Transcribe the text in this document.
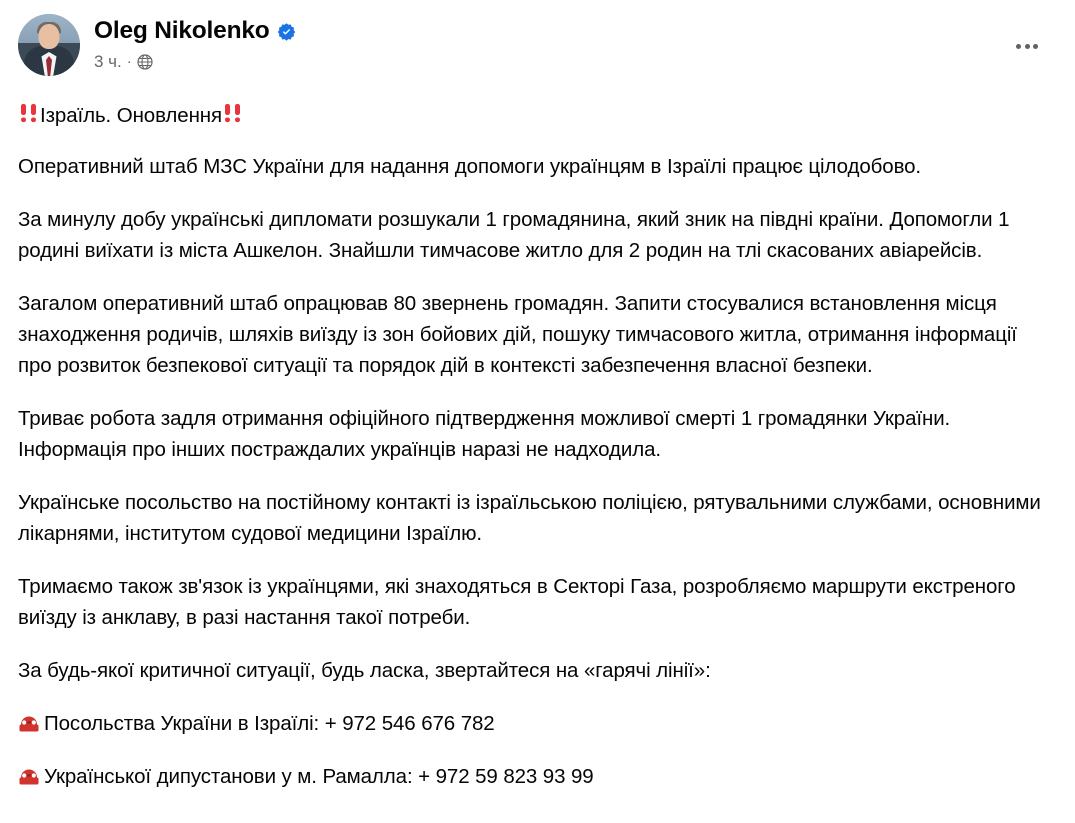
Oleg Nikolenko
3 ч. ·

Ізраїль. Оновлення

Оперативний штаб МЗС України для надання допомоги українцям в Ізраїлі працює цілодобово.

За минулу добу українські дипломати розшукали 1 громадянина, який зник на півдні країни. Допомогли 1 родині виїхати із міста Ашкелон. Знайшли тимчасове житло для 2 родин на тлі скасованих авіарейсів.

Загалом оперативний штаб опрацював 80 звернень громадян. Запити стосувалися встановлення місця знаходження родичів, шляхів виїзду із зон бойових дій, пошуку тимчасового житла, отримання інформації про розвиток безпекової ситуації та порядок дій в контексті забезпечення власної безпеки.

Триває робота задля отримання офіційного підтвердження можливої смерті 1 громадянки України. Інформація про інших постраждалих українців наразі не надходила.

Українське посольство на постійному контакті із ізраїльською поліцією, рятувальними службами, основними лікарнями, інститутом судової медицини Ізраїлю.

Тримаємо також зв'язок із українцями, які знаходяться в Секторі Газа, розробляємо маршрути екстреного виїзду із анклаву, в разі настання такої потреби.

За будь-якої критичної ситуації, будь ласка, звертайтеся на «гарячі лінії»:

Посольства України в Ізраїлі: + 972 546 676 782

Української дипустанови у м. Рамалла: + 972 59 823 93 99
